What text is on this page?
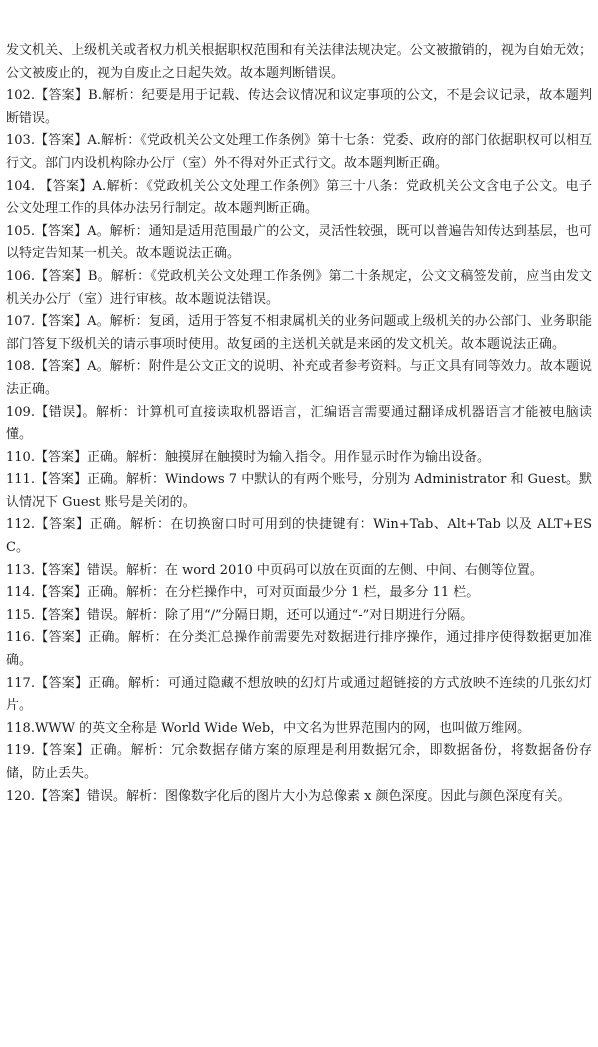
发文机关、上级机关或者权力机关根据职权范围和有关法律法规决定。公文被撤销的，视为自始无效；公文被废止的，视为自废止之日起失效。故本题判断错误。

102.【答案】B.解析：纪要是用于记载、传达会议情况和议定事项的公文，不是会议记录，故本题判断错误。

103.【答案】A.解析：《党政机关公文处理工作条例》第十七条：党委、政府的部门依据职权可以相互行文。部门内设机构除办公厅（室）外不得对外正式行文。故本题判断正确。

104. 【答案】A.解析：《党政机关公文处理工作条例》第三十八条：党政机关公文含电子公文。电子公文处理工作的具体办法另行制定。故本题判断正确。

105.【答案】A。解析：通知是适用范围最广的公文，灵活性较强，既可以普遍告知传达到基层，也可以特定告知某一机关。故本题说法正确。

106.【答案】B。解析：《党政机关公文处理工作条例》第二十条规定，公文文稿签发前，应当由发文机关办公厅（室）进行审核。故本题说法错误。

107.【答案】A。解析：复函，适用于答复不相隶属机关的业务问题或上级机关的办公部门、业务职能部门答复下级机关的请示事项时使用。故复函的主送机关就是来函的发文机关。故本题说法正确。

108.【答案】A。解析：附件是公文正文的说明、补充或者参考资料。与正文具有同等效力。故本题说法正确。

109.【错误】。解析：计算机可直接读取机器语言，汇编语言需要通过翻译成机器语言才能被电脑读懂。

110.【答案】正确。解析：触摸屏在触摸时为输入指令。用作显示时作为输出设备。

111.【答案】正确。解析：Windows 7 中默认的有两个账号，分别为 Administrator 和 Guest。默认情况下 Guest 账号是关闭的。

112.【答案】正确。解析：在切换窗口时可用到的快捷键有：Win+Tab、Alt+Tab 以及 ALT+ESC。

113.【答案】错误。解析：在 word 2010 中页码可以放在页面的左侧、中间、右侧等位置。

114.【答案】正确。解析：在分栏操作中，可对页面最少分 1 栏，最多分 11 栏。

115.【答案】错误。解析：除了用“/”分隔日期，还可以通过“-”对日期进行分隔。

116.【答案】正确。解析：在分类汇总操作前需要先对数据进行排序操作，通过排序使得数据更加准确。

117.【答案】正确。解析：可通过隐藏不想放映的幻灯片或通过超链接的方式放映不连续的几张幻灯片。

118.WWW 的英文全称是 World Wide Web，中文名为世界范围内的网，也叫做万维网。

119.【答案】正确。解析：冗余数据存储方案的原理是利用数据冗余，即数据备份，将数据备份存储，防止丢失。

120.【答案】错误。解析：图像数字化后的图片大小为总像素 x 颜色深度。因此与颜色深度有关。
